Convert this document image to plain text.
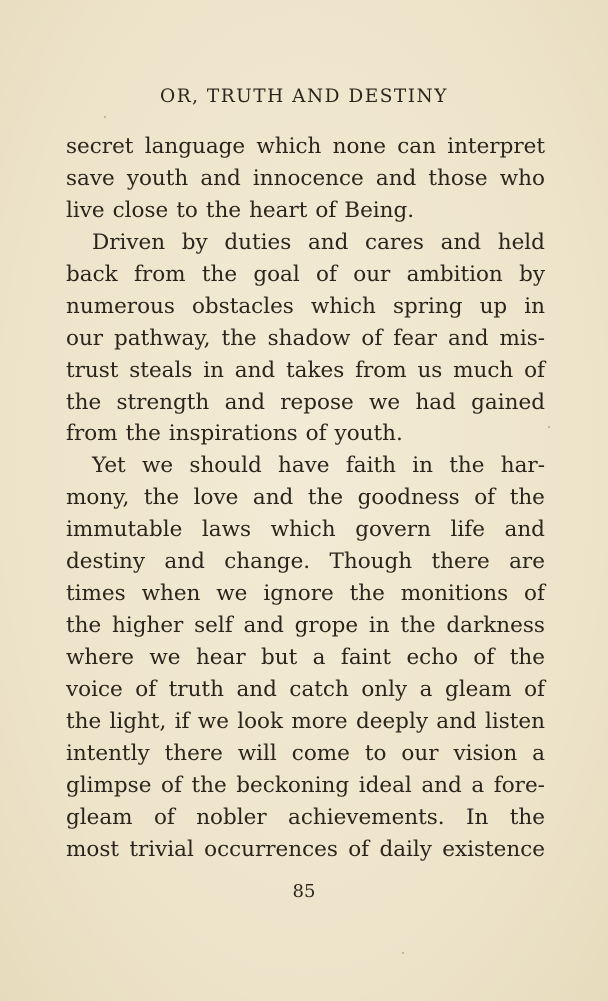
OR, TRUTH AND DESTINY
secret language which none can interpret
save youth and innocence and those who
live close to the heart of Being.
Driven by duties and cares and held
back from the goal of our ambition by
numerous obstacles which spring up in
our pathway, the shadow of fear and mis-
trust steals in and takes from us much of
the strength and repose we had gained
from the inspirations of youth.
Yet we should have faith in the har-
mony, the love and the goodness of the
immutable laws which govern life and
destiny and change. Though there are
times when we ignore the monitions of
the higher self and grope in the darkness
where we hear but a faint echo of the
voice of truth and catch only a gleam of
the light, if we look more deeply and listen
intently there will come to our vision a
glimpse of the beckoning ideal and a fore-
gleam of nobler achievements. In the
most trivial occurrences of daily existence
85
